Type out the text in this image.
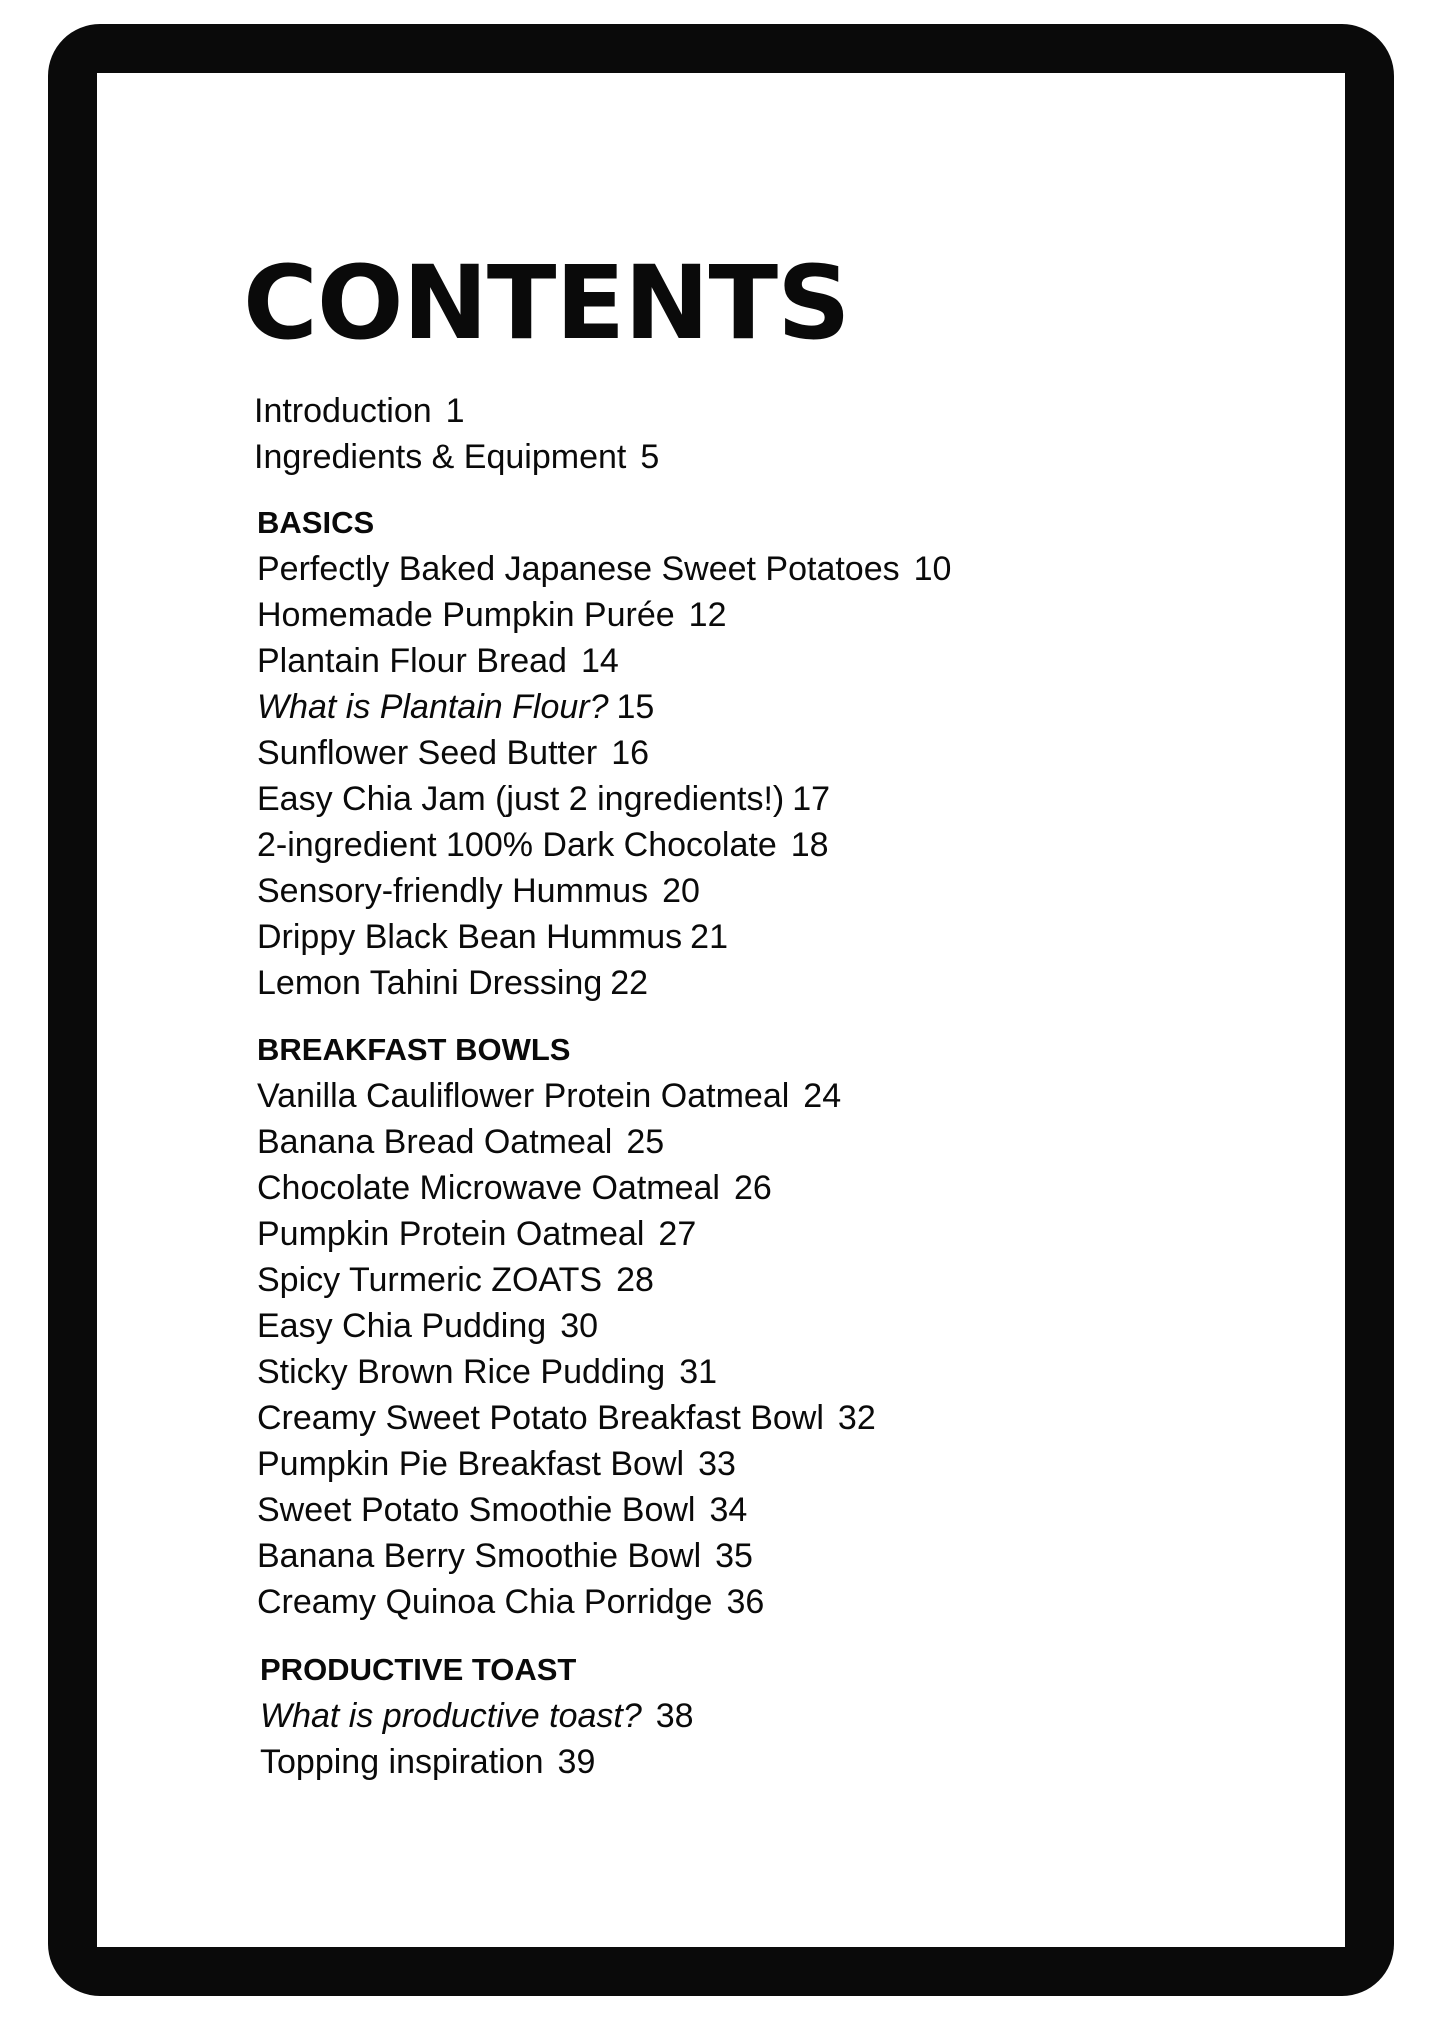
CONTENTS
Introduction 1
Ingredients & Equipment 5
BASICS
Perfectly Baked Japanese Sweet Potatoes 10
Homemade Pumpkin Purée 12
Plantain Flour Bread 14
What is Plantain Flour? 15
Sunflower Seed Butter 16
Easy Chia Jam (just 2 ingredients!) 17
2-ingredient 100% Dark Chocolate 18
Sensory-friendly Hummus 20
Drippy Black Bean Hummus 21
Lemon Tahini Dressing 22
BREAKFAST BOWLS
Vanilla Cauliflower Protein Oatmeal 24
Banana Bread Oatmeal 25
Chocolate Microwave Oatmeal 26
Pumpkin Protein Oatmeal 27
Spicy Turmeric ZOATS 28
Easy Chia Pudding 30
Sticky Brown Rice Pudding 31
Creamy Sweet Potato Breakfast Bowl 32
Pumpkin Pie Breakfast Bowl 33
Sweet Potato Smoothie Bowl 34
Banana Berry Smoothie Bowl 35
Creamy Quinoa Chia Porridge 36
PRODUCTIVE TOAST
What is productive toast? 38
Topping inspiration 39
